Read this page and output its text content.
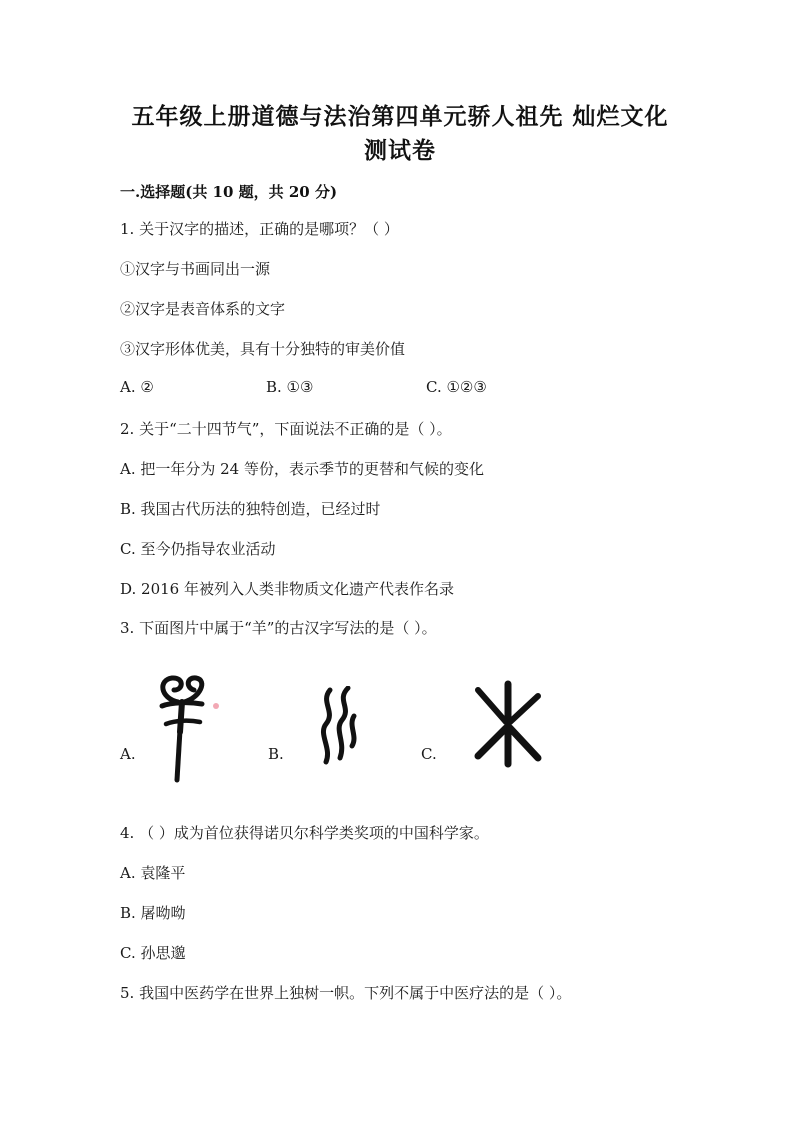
五年级上册道德与法治第四单元骄人祖先 灿烂文化
测试卷
一.选择题(共 10 题，共 20 分)
1. 关于汉字的描述，正确的是哪项？（ ）
①汉字与书画同出一源
②汉字是表音体系的文字
③汉字形体优美，具有十分独特的审美价值
A. ②	B. ①③	C. ①②③
2. 关于“二十四节气”，下面说法不正确的是（ ）。
A. 把一年分为 24 等份，表示季节的更替和气候的变化
B. 我国古代历法的独特创造，已经过时
C. 至今仍指导农业活动
D. 2016 年被列入人类非物质文化遗产代表作名录
3. 下面图片中属于“羊”的古汉字写法的是（ ）。
A.	B.	C.
4. （ ）成为首位获得诺贝尔科学类奖项的中国科学家。
A. 袁隆平
B. 屠呦呦
C. 孙思邈
5. 我国中医药学在世界上独树一帜。下列不属于中医疗法的是（ ）。
